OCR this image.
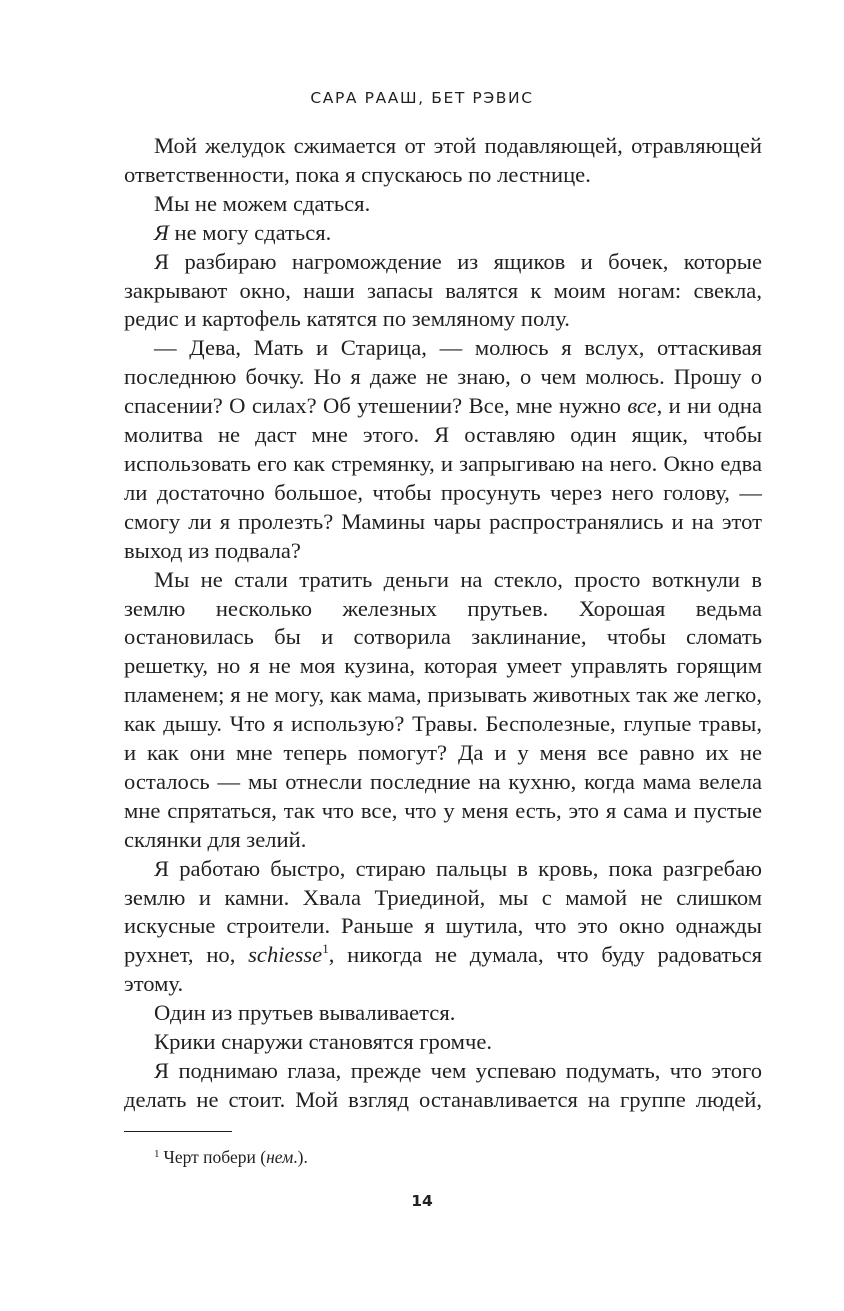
САРА РААШ, БЕТ РЭВИС

Мой желудок сжимается от этой подавляющей, отравляющей ответственности, пока я спускаюсь по лестнице.

Мы не можем сдаться.

Я не могу сдаться.

Я разбираю нагромождение из ящиков и бочек, которые закрывают окно, наши запасы валятся к моим ногам: свекла, редис и картофель катятся по земляному полу.

— Дева, Мать и Старица, — молюсь я вслух, оттаскивая последнюю бочку. Но я даже не знаю, о чем молюсь. Прошу о спасении? О силах? Об утешении? Все, мне нужно все, и ни одна молитва не даст мне этого. Я оставляю один ящик, чтобы использовать его как стремянку, и запрыгиваю на него. Окно едва ли достаточно большое, чтобы просунуть через него голову, — смогу ли я пролезть? Мамины чары распространялись и на этот выход из подвала?

Мы не стали тратить деньги на стекло, просто воткнули в землю несколько железных прутьев. Хорошая ведьма остановилась бы и сотворила заклинание, чтобы сломать решетку, но я не моя кузина, которая умеет управлять горящим пламенем; я не могу, как мама, призывать животных так же легко, как дышу. Что я использую? Травы. Бесполезные, глупые травы, и как они мне теперь помогут? Да и у меня все равно их не осталось — мы отнесли последние на кухню, когда мама велела мне спрятаться, так что все, что у меня есть, это я сама и пустые склянки для зелий.

Я работаю быстро, стираю пальцы в кровь, пока разгребаю землю и камни. Хвала Триединой, мы с мамой не слишком искусные строители. Раньше я шутила, что это окно однажды рухнет, но, schiesse$^1$, никогда не думала, что буду радоваться этому.

Один из прутьев вываливается.

Крики снаружи становятся громче.

Я поднимаю глаза, прежде чем успеваю подумать, что этого делать не стоит. Мой взгляд останавливается на группе людей,

$^1$ Черт побери (нем.).
14
